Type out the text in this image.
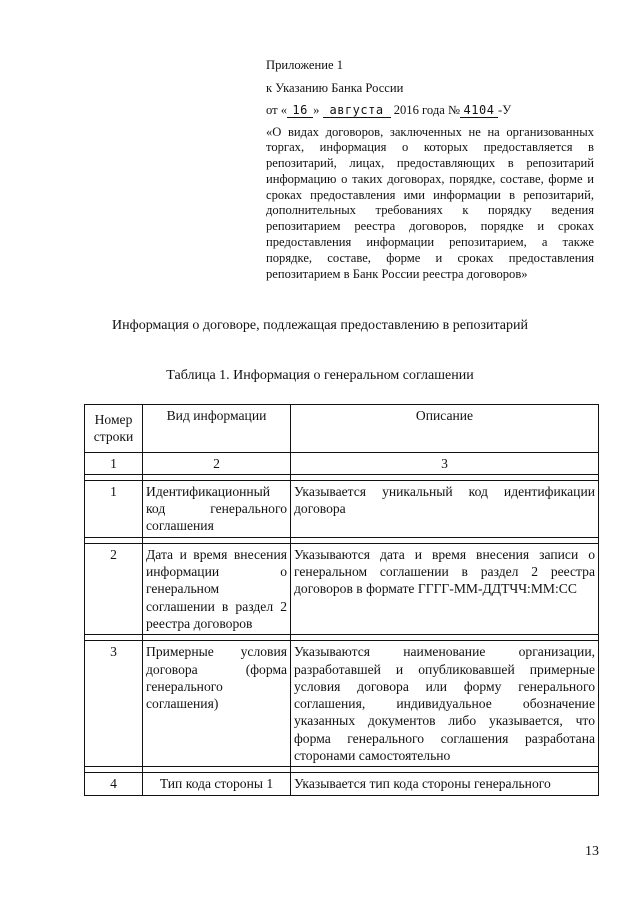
Приложение 1
к Указанию Банка России
от « 16 » августа 2016 года № 4104 -У
«О видах договоров, заключенных не на организованных торгах, информация о которых предоставляется в репозитарий, лицах, предоставляющих в репозитарий информацию о таких договорах, порядке, составе, форме и сроках предоставления ими информации в репозитарий, дополнительных требованиях к порядку ведения репозитарием реестра договоров, порядке и сроках предоставления информации репозитарием, а также порядке, составе, форме и сроках предоставления репозитарием в Банк России реестра договоров»
Информация о договоре, подлежащая предоставлению в репозитарий
Таблица 1. Информация о генеральном соглашении
Номер строки	Вид информации	Описание
1	2	3

1	Идентификационный код генерального соглашения	Указывается уникальный код идентификации договора

2	Дата и время внесения информации о генеральном соглашении в раздел 2 реестра договоров	Указываются дата и время внесения записи о генеральном соглашении в раздел 2 реестра договоров в формате ГГГГ-ММ-ДДТЧЧ:ММ:СС

3	Примерные условия договора (форма генерального соглашения)	Указываются наименование организации, разработавшей и опубликовавшей примерные условия договора или форму генерального соглашения, индивидуальное обозначение указанных документов либо указывается, что форма генерального соглашения разработана сторонами самостоятельно

4	Тип кода стороны 1	Указывается тип кода стороны генерального
13
